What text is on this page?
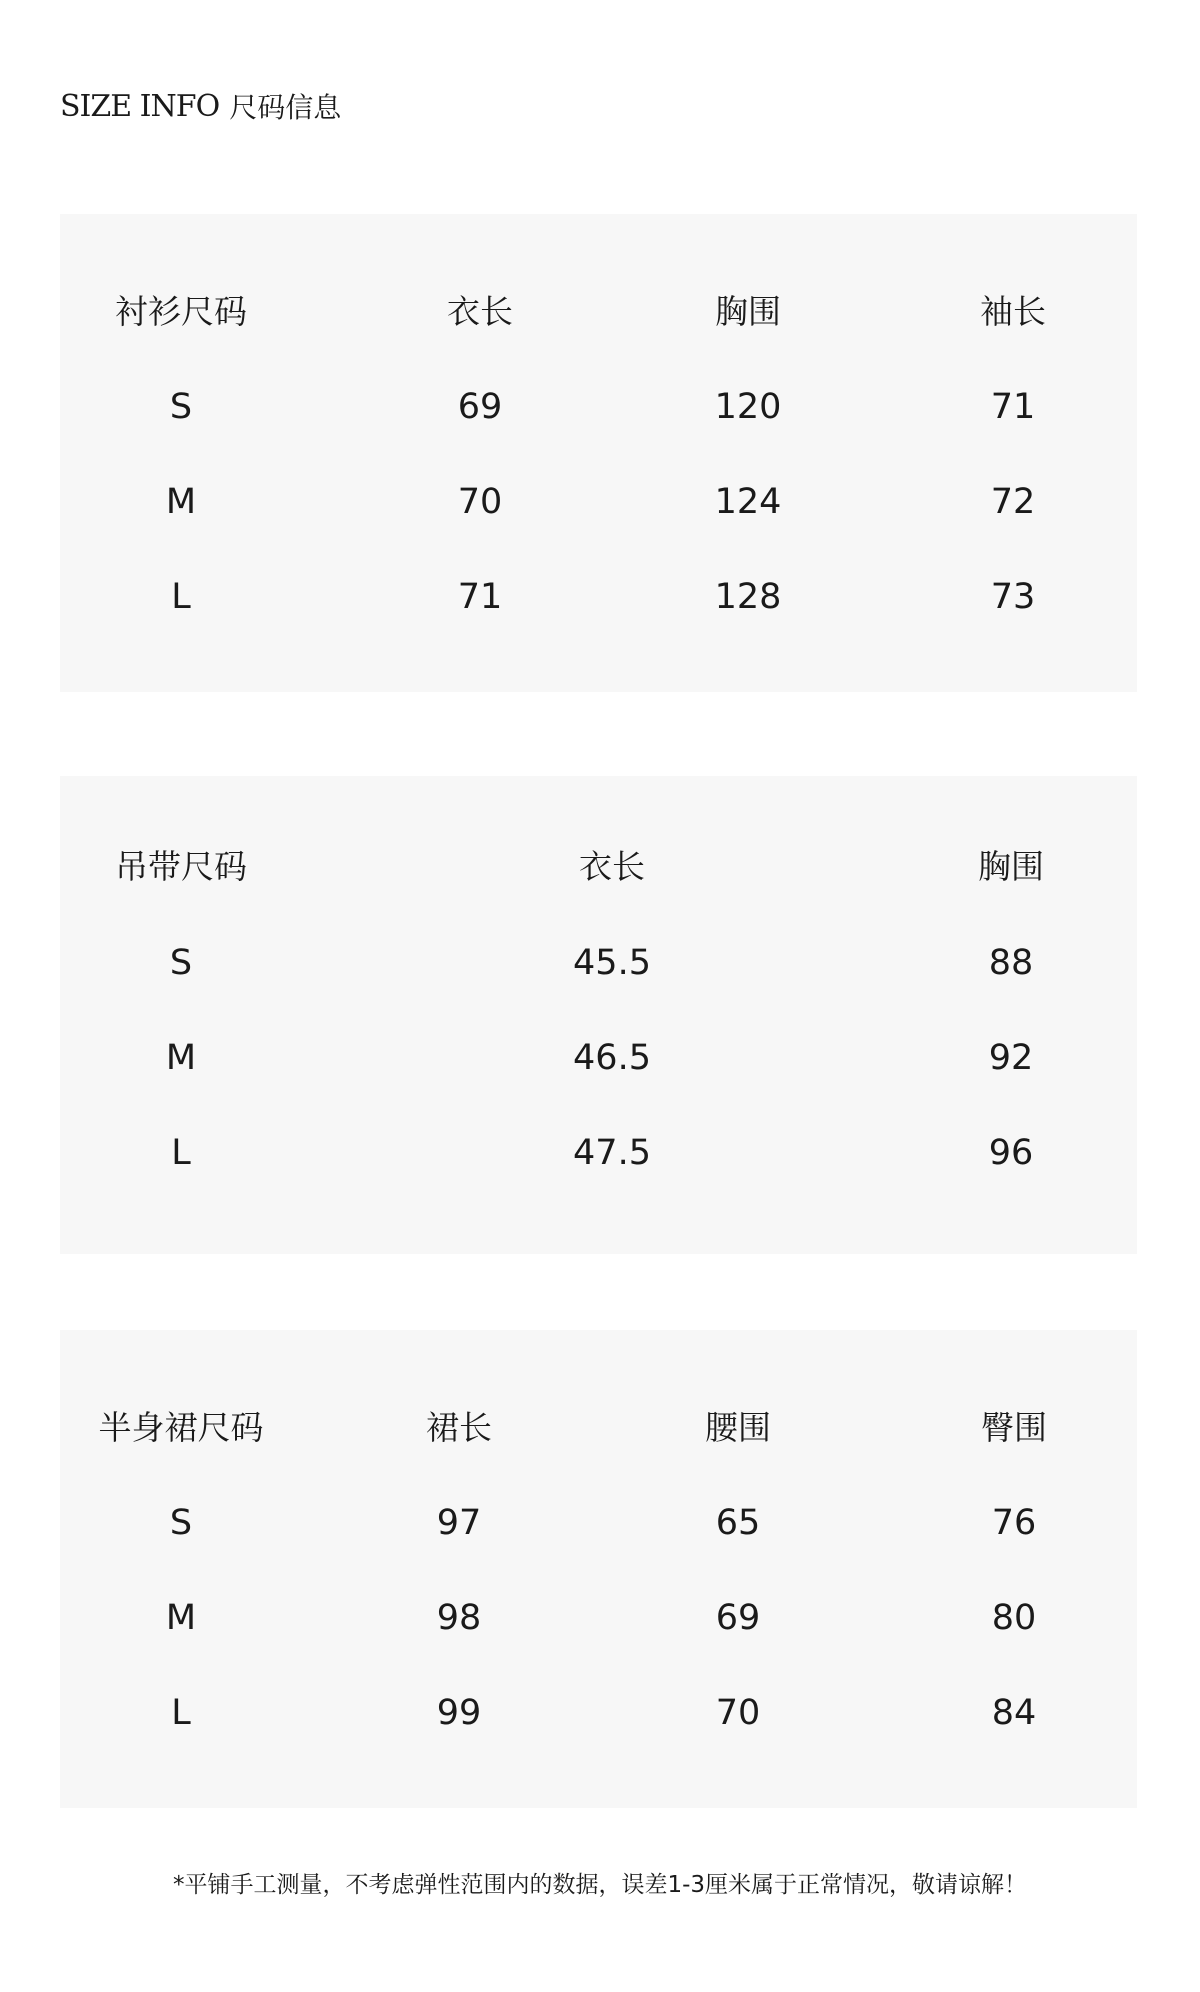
SIZE INFO 尺码信息
衬衫尺码	衣长	胸围	袖长
S	69	120	71
M	70	124	72
L	71	128	73
吊带尺码	衣长	胸围
S	45.5	88
M	46.5	92
L	47.5	96
半身裙尺码	裙长	腰围	臀围
S	97	65	76
M	98	69	80
L	99	70	84
*平铺手工测量，不考虑弹性范围内的数据，误差1-3厘米属于正常情况，敬请谅解！
